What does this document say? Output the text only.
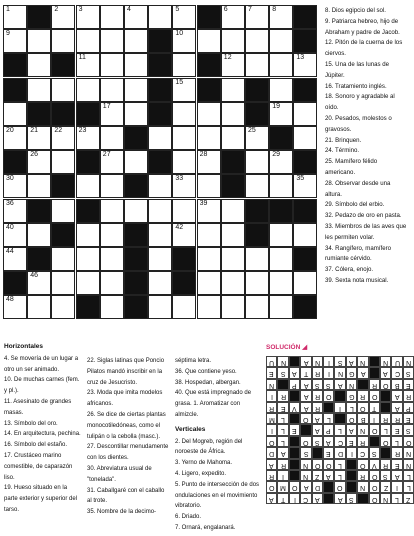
1	2	3	4	5	6	7	8
9	10
11	12	13
15
17	19
20 21 22 23	25
26	27	28	29
30	33	35
36	39
40	42
44
46
48
8. Dios egipcio del sol.
9. Patriarca hebreo, hijo de Abraham y padre de Jacob.
12. Pitón de la cuerna de los ciervos.
15. Una de las lunas de Júpiter.
16. Tratamiento inglés.
18. Sonoro y agradable al oído.
20. Pesados, molestos o gravosos.
21. Brinquen.
24. Término.
25. Mamífero félido americano.
28. Observar desde una altura.
29. Símbolo del erbio.
32. Pedazo de oro en pasta.
33. Miembros de las aves que les permiten volar.
34. Rangífero, mamífero rumiante cérvido.
37. Cólera, enojo.
39. Sexta nota musical.
Horizontales
4. Se movería de un lugar a otro un ser animado.
10. De muchas carnes (fem. y pl.).
11. Asesinato de grandes masas.
13. Símbolo del oro.
14. En arquitectura, pechina.
16. Símbolo del estaño.
17. Crustáceo marino comestible, de caparazón liso.
19. Hueso situado en la parte exterior y superior del tarso.
22. Siglas latinas que Poncio Pilatos mandó inscribir en la cruz de Jesucristo.
23. Moda que imita modelos africanos.
26. Se dice de ciertas plantas monocotiledóneas, como el tulipán o la cebolla (masc.).
27. Descontillar menudamente con los dientes.
30. Abreviatura usual de "tonelada".
31. Caballgaré con el caballo al trote.
35. Nombre de la decimo-
séptima letra.
36. Que contiene yeso.
38. Hospedan, albergan.
40. Que está impregnado de grasa. 1. Aromatizar con almizcle.
Verticales
2. Del Mogreb, región del noroeste de África.
3. Yerno de Mahoma.
4. Ligero, expedito.
5. Punto de intersección de dos ondulaciones en el movimiento vibratorio.
6. Driado.
7. Ornará, engalanará.
SOLUCIÓN ◢
U N	A N	I	S A N	N U N
E S A T R	I	N G A	A C S
N	P A S S A N	R O B E
I	R	A R O	G R O	A R
R E V A R	I	L O T	A P
M L	O A	L	O B	I	R R E
I	L	E	A P	L	A N O L	E S
O L	O S A C E R	O L O
D A	S	E D	I	C S	R N
A R	N O O L	O V R E N
R	I	N Z A	L	R O S A	L
O M O A D	O	N O Z	I	L
A T	I	C A	A S	O N L	Z
